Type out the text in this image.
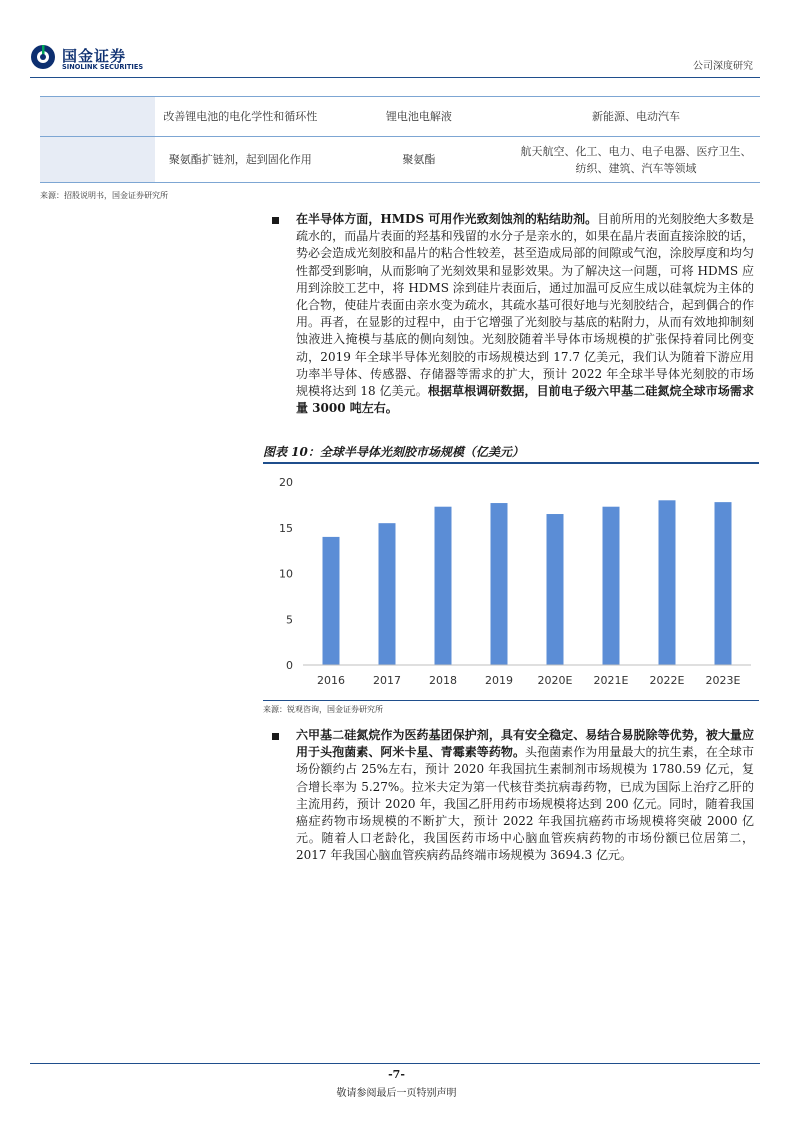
国金证券
SINOLINK SECURITIES	公司深度研究
	改善锂电池的电化学性和循环性	锂电池电解液	新能源、电动汽车
	聚氨酯扩链剂，起到固化作用	聚氨酯	航天航空、化工、电力、电子电器、医疗卫生、纺织、建筑、汽车等领域
来源：招股说明书，国金证券研究所
在半导体方面，HMDS 可用作光致刻蚀剂的粘结助剂。目前所用的光刻胶绝大多数是疏水的，而晶片表面的羟基和残留的水分子是亲水的，如果在晶片表面直接涂胶的话，势必会造成光刻胶和晶片的粘合性较差，甚至造成局部的间隙或气泡，涂胶厚度和均匀性都受到影响，从而影响了光刻效果和显影效果。为了解决这一问题，可将 HDMS 应用到涂胶工艺中，将 HDMS 涂到硅片表面后，通过加温可反应生成以硅氧烷为主体的化合物，使硅片表面由亲水变为疏水，其疏水基可很好地与光刻胶结合，起到偶合的作用。再者，在显影的过程中，由于它增强了光刻胶与基底的粘附力，从而有效地抑制刻蚀液进入掩模与基底的侧向刻蚀。光刻胶随着半导体市场规模的扩张保持着同比例变动，2019 年全球半导体光刻胶的市场规模达到 17.7 亿美元，我们认为随着下游应用功率半导体、传感器、存储器等需求的扩大，预计 2022 年全球半导体光刻胶的市场规模将达到 18 亿美元。根据草根调研数据，目前电子级六甲基二硅氮烷全球市场需求量 3000 吨左右。
图表 10：全球半导体光刻胶市场规模（亿美元）
0
5
10
15
20
2016	2017	2018	2019 2020E 2021E 2022E 2023E
来源：锐观咨询，国金证券研究所
六甲基二硅氮烷作为医药基团保护剂，具有安全稳定、易结合易脱除等优势，被大量应用于头孢菌素、阿米卡星、青霉素等药物。头孢菌素作为用量最大的抗生素，在全球市场份额约占 25%左右，预计 2020 年我国抗生素制剂市场规模为 1780.59 亿元，复合增长率为 5.27%。拉米夫定为第一代核苷类抗病毒药物，已成为国际上治疗乙肝的主流用药，预计 2020 年，我国乙肝用药市场规模将达到 200 亿元。同时，随着我国癌症药物市场规模的不断扩大，预计 2022 年我国抗癌药市场规模将突破 2000 亿元。随着人口老龄化，我国医药市场中心脑血管疾病药物的市场份额已位居第二，2017 年我国心脑血管疾病药品终端市场规模为 3694.3 亿元。
-7-
敬请参阅最后一页特别声明
